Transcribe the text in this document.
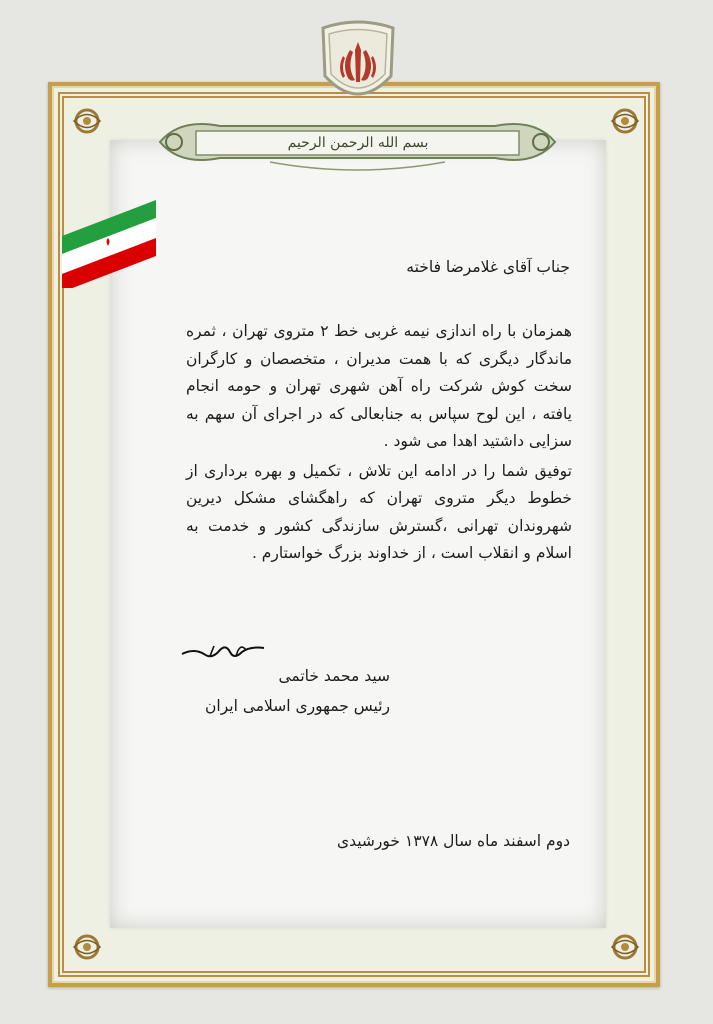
بسم الله الرحمن الرحیم
جناب آقای غلامرضا فاخته

همزمان با راه اندازی نیمه غربی خط ۲ متروی تهران ، ثمره ماندگار دیگری که با همت مدیران ، متخصصان و کارگران سخت کوش شرکت راه آهن شهری تهران و حومه انجام یافته ، این لوح سپاس به جنابعالی که در اجرای آن سهم به سزایی داشتید اهدا می شود .

توفیق شما را در ادامه این تلاش ، تکمیل و بهره برداری از خطوط دیگر متروی تهران که راهگشای مشکل دیرین شهروندان تهرانی ،گسترش سازندگی کشور و خدمت به اسلام و انقلاب است ، از خداوند بزرگ خواستارم .

سید محمد خاتمی
رئیس جمهوری اسلامی ایران
دوم اسفند ماه سال ۱۳۷۸ خورشیدی
